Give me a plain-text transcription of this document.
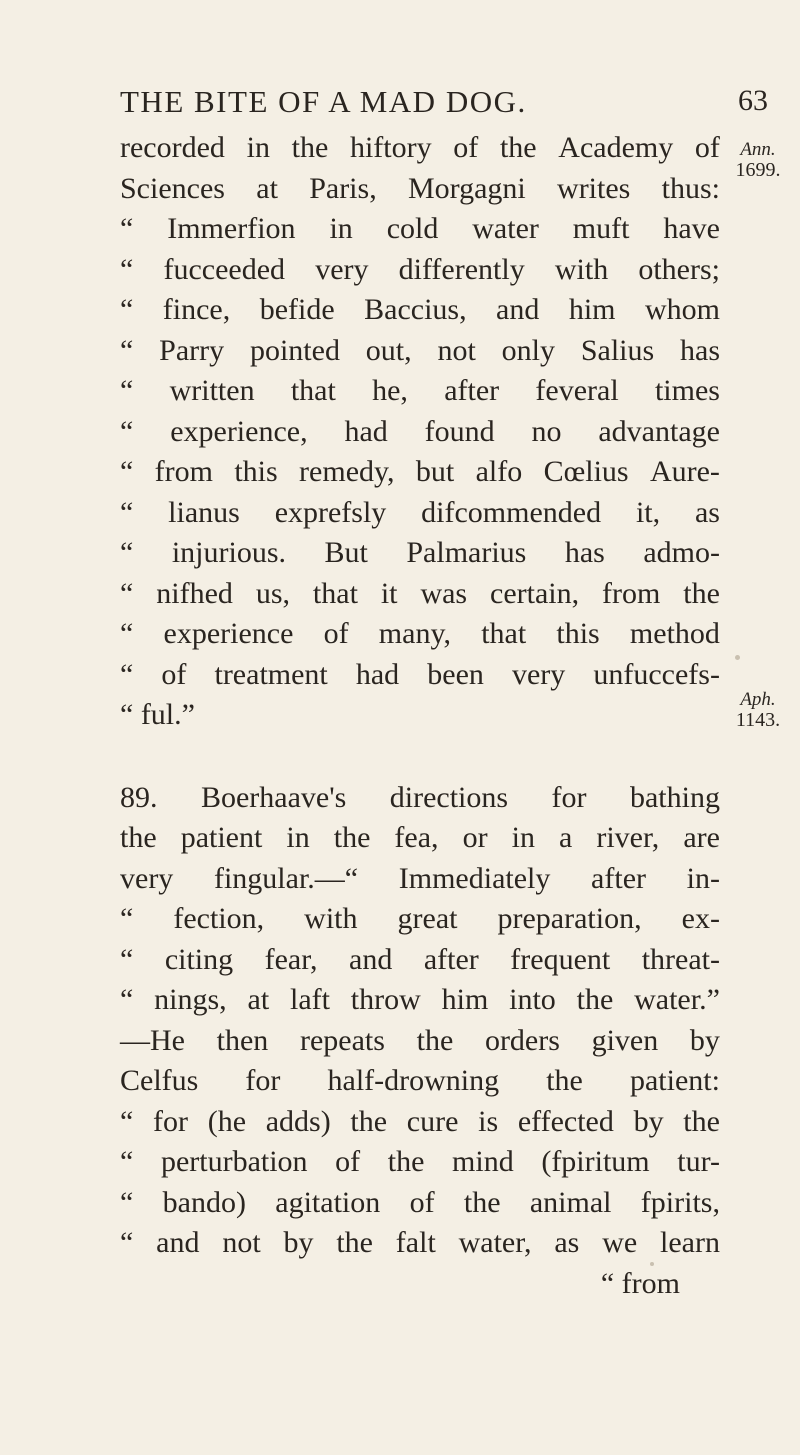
THE BITE OF A MAD DOG.	63
Ann.
1699.
Aph.
1143.
recorded in the hiftory of the Academy of
Sciences at Paris, Morgagni writes thus:
“ Immerfion in cold water muft have
“ fucceeded very differently with others;
“ fince, befide Baccius, and him whom
“ Parry pointed out, not only Salius has
“ written that he, after feveral times
“ experience, had found no advantage
“ from this remedy, but alfo Cœlius Aure-
“ lianus exprefsly difcommended it, as
“ injurious. But Palmarius has admo-
“ nifhed us, that it was certain, from the
“ experience of many, that this method
“ of treatment had been very unfuccefs-
“ ful.”
89. Boerhaave's directions for bathing
the patient in the fea, or in a river, are
very fingular.—“ Immediately after in-
“ fection, with great preparation, ex-
“ citing fear, and after frequent threat-
“ nings, at laft throw him into the water.”
—He then repeats the orders given by
Celfus for half-drowning the patient:
“ for (he adds) the cure is effected by the
“ perturbation of the mind (fpiritum tur-
“ bando) agitation of the animal fpirits,
“ and not by the falt water, as we learn
“ from
